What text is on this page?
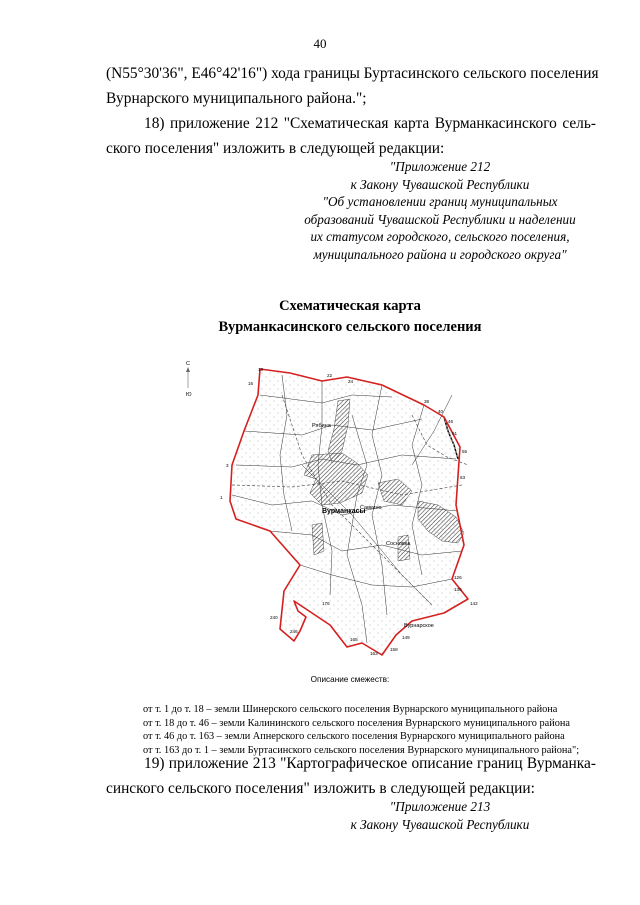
40
(N55°30'36", E46°42'16") хода границы Буртасинского сельского поселения
Вурнарского муниципального района.";
18) приложение 212 "Схематическая карта Вурманкасинского сель-
ского поселения" изложить в следующей редакции:
"Приложение 212
к Закону Чувашской Республики
"Об установлении границ муниципальных
образований Чувашской Республики и наделении
их статусом городского, сельского поселения,
муниципального района и городского округа"
Схематическая карта
Вурманкасинского сельского поселения
С
Ю
Рябина
Вурманкасы
Савкино
Сосновка
Вурнарское
1
3
16
18
22
24
38
40
46
51
55
63
126
139
142
149
158
163
165
176
240
246
Описание смежеств:
от т. 1 до т. 18 – земли Шинерского сельского поселения Вурнарского муниципального района
от т. 18 до т. 46 – земли Калининского сельского поселения Вурнарского муниципального района
от т. 46 до т. 163 – земли Апнерского сельского поселения Вурнарского муниципального района
от т. 163 до т. 1 – земли Буртасинского сельского поселения Вурнарского муниципального района";
19) приложение 213 "Картографическое описание границ Вурманка-
синского сельского поселения" изложить в следующей редакции:
"Приложение 213
к Закону Чувашской Республики
